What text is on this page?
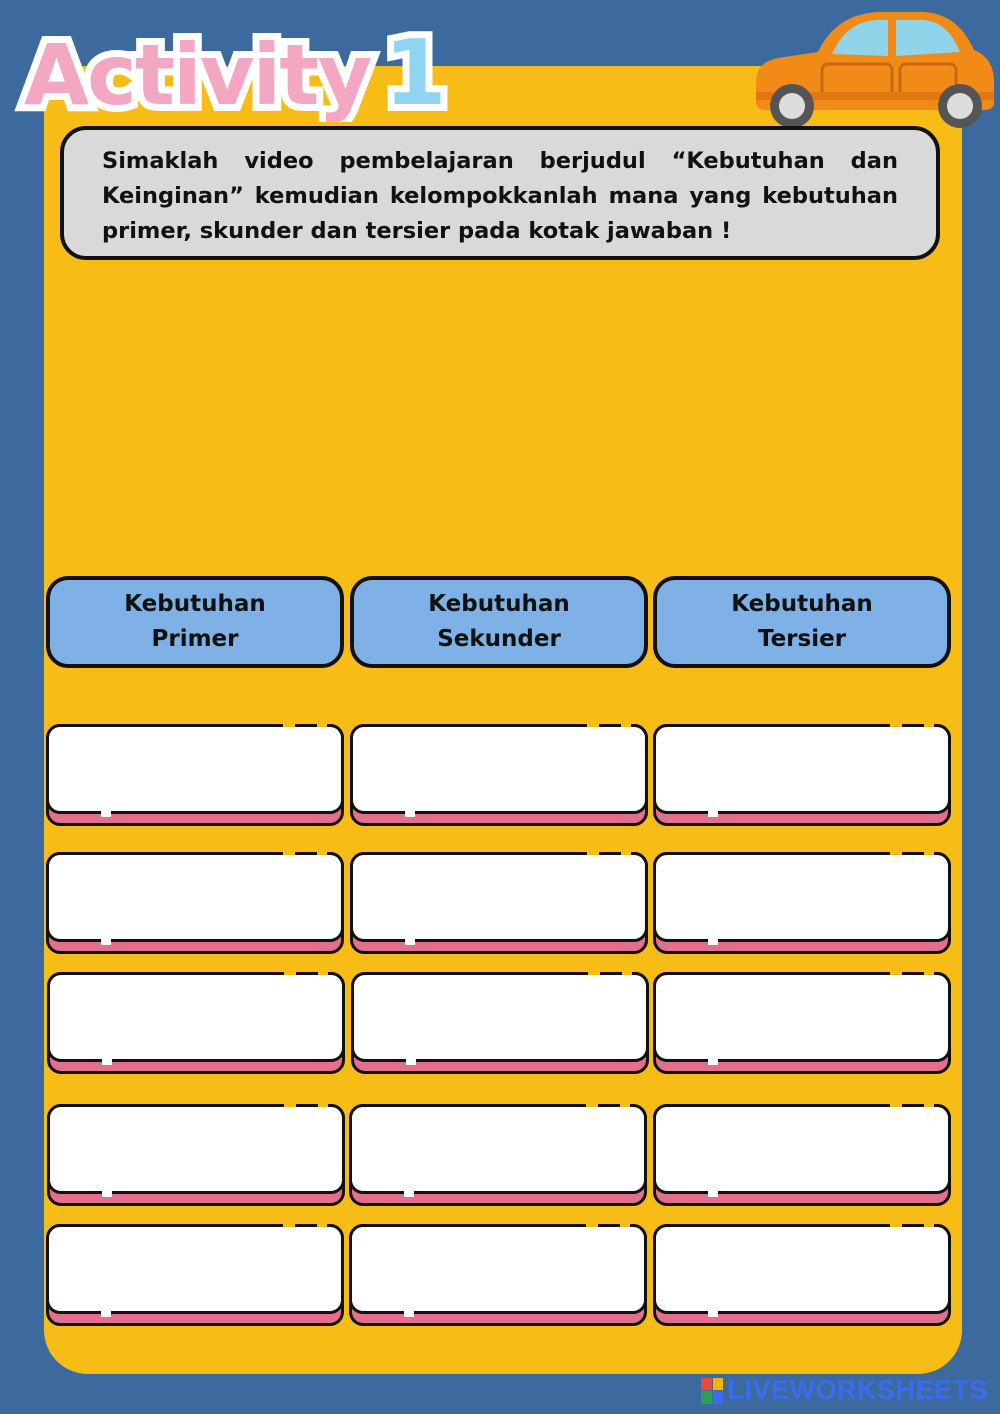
Activity 1

Simaklah video pembelajaran berjudul “Kebutuhan dan Keinginan” kemudian kelompokkanlah mana yang kebutuhan primer, skunder dan tersier pada kotak jawaban !

Kebutuhan
Primer
Kebutuhan
Sekunder
Kebutuhan
Tersier
LIVEWORKSHEETS
